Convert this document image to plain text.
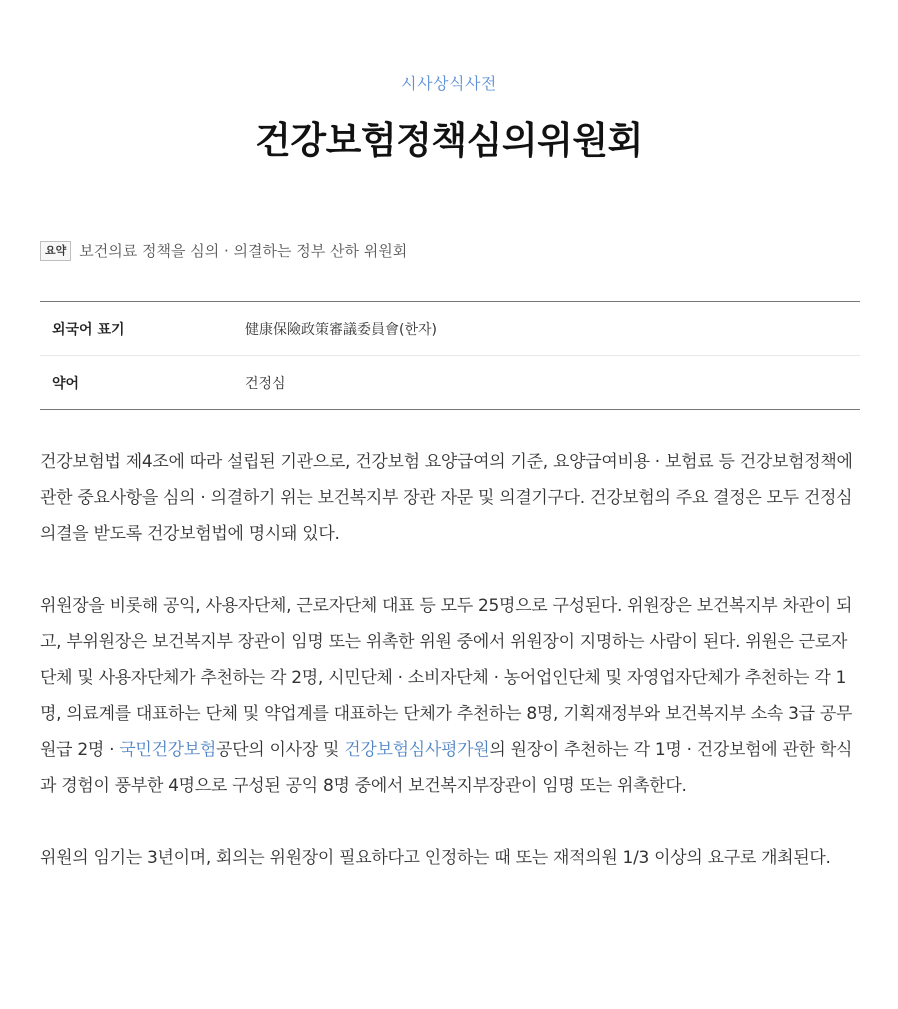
시사상식사전
건강보험정책심의위원회
요약 보건의료 정책을 심의 · 의결하는 정부 산하 위원회
외국어 표기	健康保險政策審議委員會(한자)
약어	건정심

건강보험법 제4조에 따라 설립된 기관으로, 건강보험 요양급여의 기준, 요양급여비용 · 보험료 등 건강보험정책에 관한 중요사항을 심의 · 의결하기 위는 보건복지부 장관 자문 및 의결기구다. 건강보험의 주요 결정은 모두 건정심 의결을 받도록 건강보험법에 명시돼 있다.

위원장을 비롯해 공익, 사용자단체, 근로자단체 대표 등 모두 25명으로 구성된다. 위원장은 보건복지부 차관이 되고, 부위원장은 보건복지부 장관이 임명 또는 위촉한 위원 중에서 위원장이 지명하는 사람이 된다. 위원은 근로자단체 및 사용자단체가 추천하는 각 2명, 시민단체 · 소비자단체 · 농어업인단체 및 자영업자단체가 추천하는 각 1명, 의료계를 대표하는 단체 및 약업계를 대표하는 단체가 추천하는 8명, 기획재정부와 보건복지부 소속 3급 공무원급 2명 · 국민건강보험공단의 이사장 및 건강보험심사평가원의 원장이 추천하는 각 1명 · 건강보험에 관한 학식과 경험이 풍부한 4명으로 구성된 공익 8명 중에서 보건복지부장관이 임명 또는 위촉한다.

위원의 임기는 3년이며, 회의는 위원장이 필요하다고 인정하는 때 또는 재적의원 1/3 이상의 요구로 개최된다.
